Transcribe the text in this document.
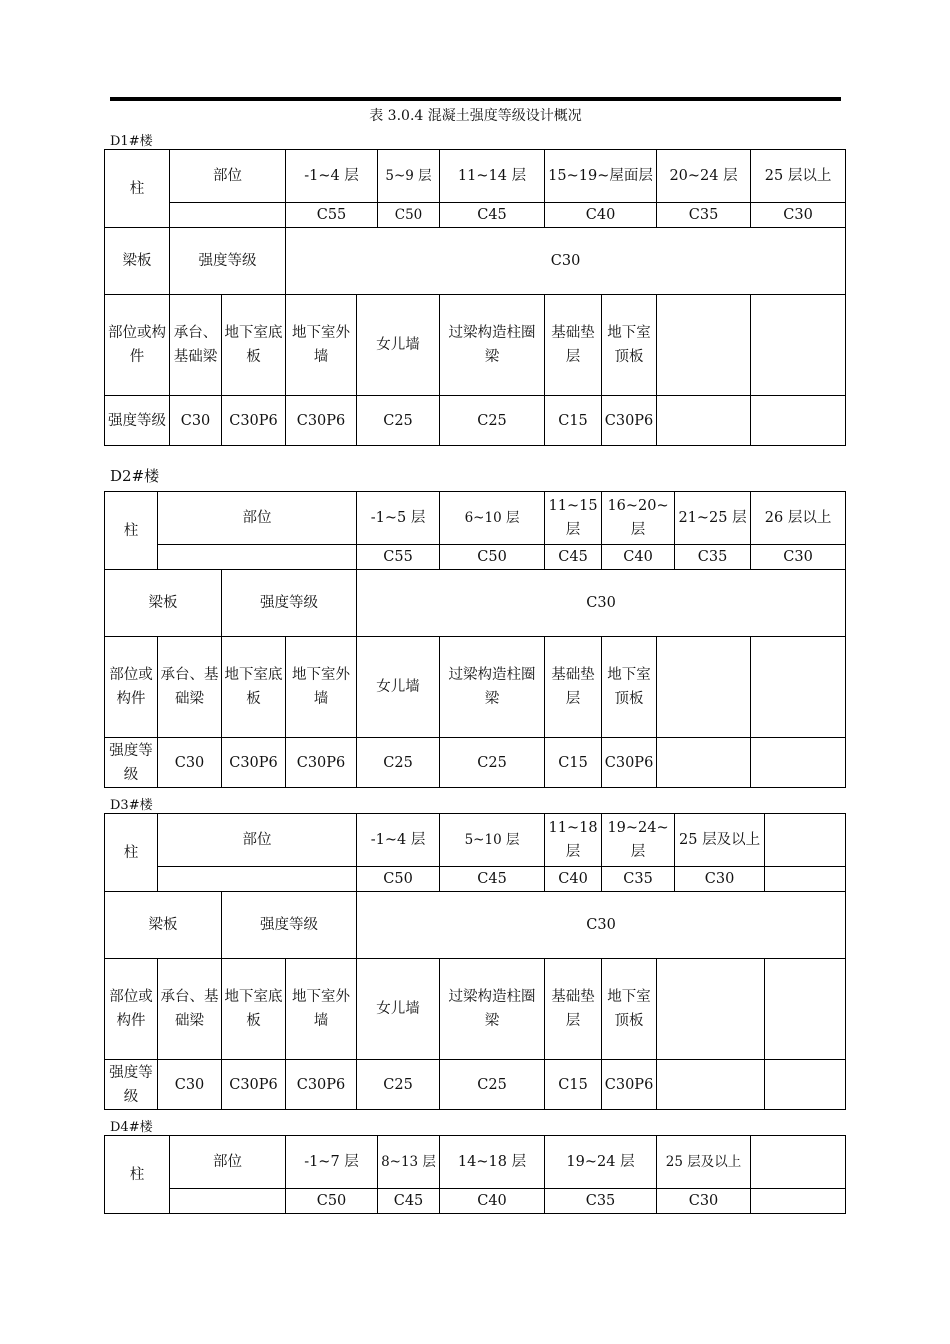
表 3.0.4 混凝土强度等级设计概况
D1#楼
柱	部位		-1~4 层		5~9 层	11~14 层	15~19~屋面层		20~24 层	25 层以上
			C55		C50	C45	C40		C35	C30
梁板	强度等级		C30							
部位或构件	承台、基础梁	地下室底板	地下室外墙	女儿墙		过梁构造柱圈梁	基础垫层	地下室顶板		
强度等级	C30	C30P6	C30P6	C25		C25	C15	C30P6		
D2#楼
柱	部位			-1~5 层	6~10 层	11~15 层	16~20~层		21~25 层	26 层以上
				C55	C50	C45	C40		C35	C30
梁板		强度等级		C30						
部位或构件	承台、基础梁	地下室底板	地下室外墙	女儿墙	过梁构造柱圈梁	基础垫层	地下室顶板			
强度等级	C30	C30P6	C30P6	C25	C25	C15	C30P6			
D3#楼
柱	部位			-1~4 层	5~10 层	11~18 层	19~24~层		25 层及以上	
				C50	C45	C40	C35		C30	
梁板		强度等级		C30						
部位或构件	承台、基础梁	地下室底板	地下室外墙	女儿墙	过梁构造柱圈梁	基础垫层	地下室顶板			
强度等级	C30	C30P6	C30P6	C25	C25	C15	C30P6			
D4#楼
柱	部位	-1~7 层	8~13 层	14~18 层	19~24 层	25 层及以上	
		C50	C45	C40	C35	C30	
